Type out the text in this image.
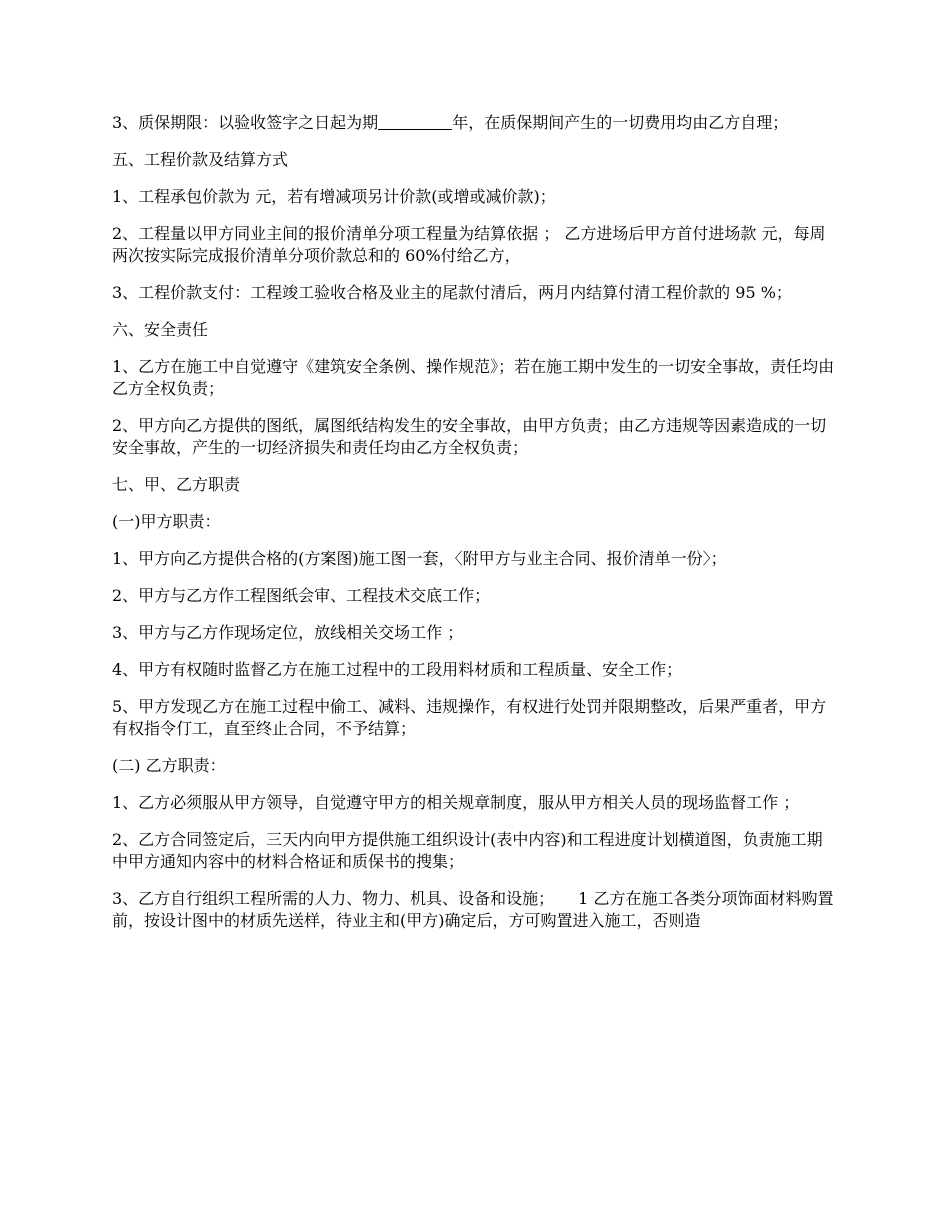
3、质保期限：以验收签字之日起为期	年，在质保期间产生的一切费用均由乙方自理；

五、工程价款及结算方式

1、工程承包价款为 元，若有增减项另计价款(或增或减价款)；

2、工程量以甲方同业主间的报价清单分项工程量为结算依据 ； 乙方进场后甲方首付进场款 元，每周两次按实际完成报价清单分项价款总和的 60%付给乙方，

3、工程价款支付：工程竣工验收合格及业主的尾款付清后，两月内结算付清工程价款的 95 %；

六、安全责任

1、乙方在施工中自觉遵守《建筑安全条例、操作规范》；若在施工期中发生的一切安全事故，责任均由乙方全权负责；

2、甲方向乙方提供的图纸，属图纸结构发生的安全事故，由甲方负责；由乙方违规等因素造成的一切安全事故，产生的一切经济损失和责任均由乙方全权负责；

七、甲、乙方职责

(一)甲方职责：

1、甲方向乙方提供合格的(方案图)施工图一套，〈附甲方与业主合同、报价清单一份〉；

2、甲方与乙方作工程图纸会审、工程技术交底工作；

3、甲方与乙方作现场定位，放线相关交场工作 ；

4、甲方有权随时监督乙方在施工过程中的工段用料材质和工程质量、安全工作；

5、甲方发现乙方在施工过程中偷工、减料、违规操作，有权进行处罚并限期整改，后果严重者，甲方有权指令仃工，直至终止合同，不予结算；

(二) 乙方职责：

1、乙方必须服从甲方领导，自觉遵守甲方的相关规章制度，服从甲方相关人员的现场监督工作 ；

2、乙方合同签定后，三天内向甲方提供施工组织设计(表中内容)和工程进度计划横道图，负责施工期中甲方通知内容中的材料合格证和质保书的搜集；

3、乙方自行组织工程所需的人力、物力、机具、设备和设施；　　1 乙方在施工各类分项饰面材料购置前，按设计图中的材质先送样，待业主和(甲方)确定后，方可购置进入施工，否则造
